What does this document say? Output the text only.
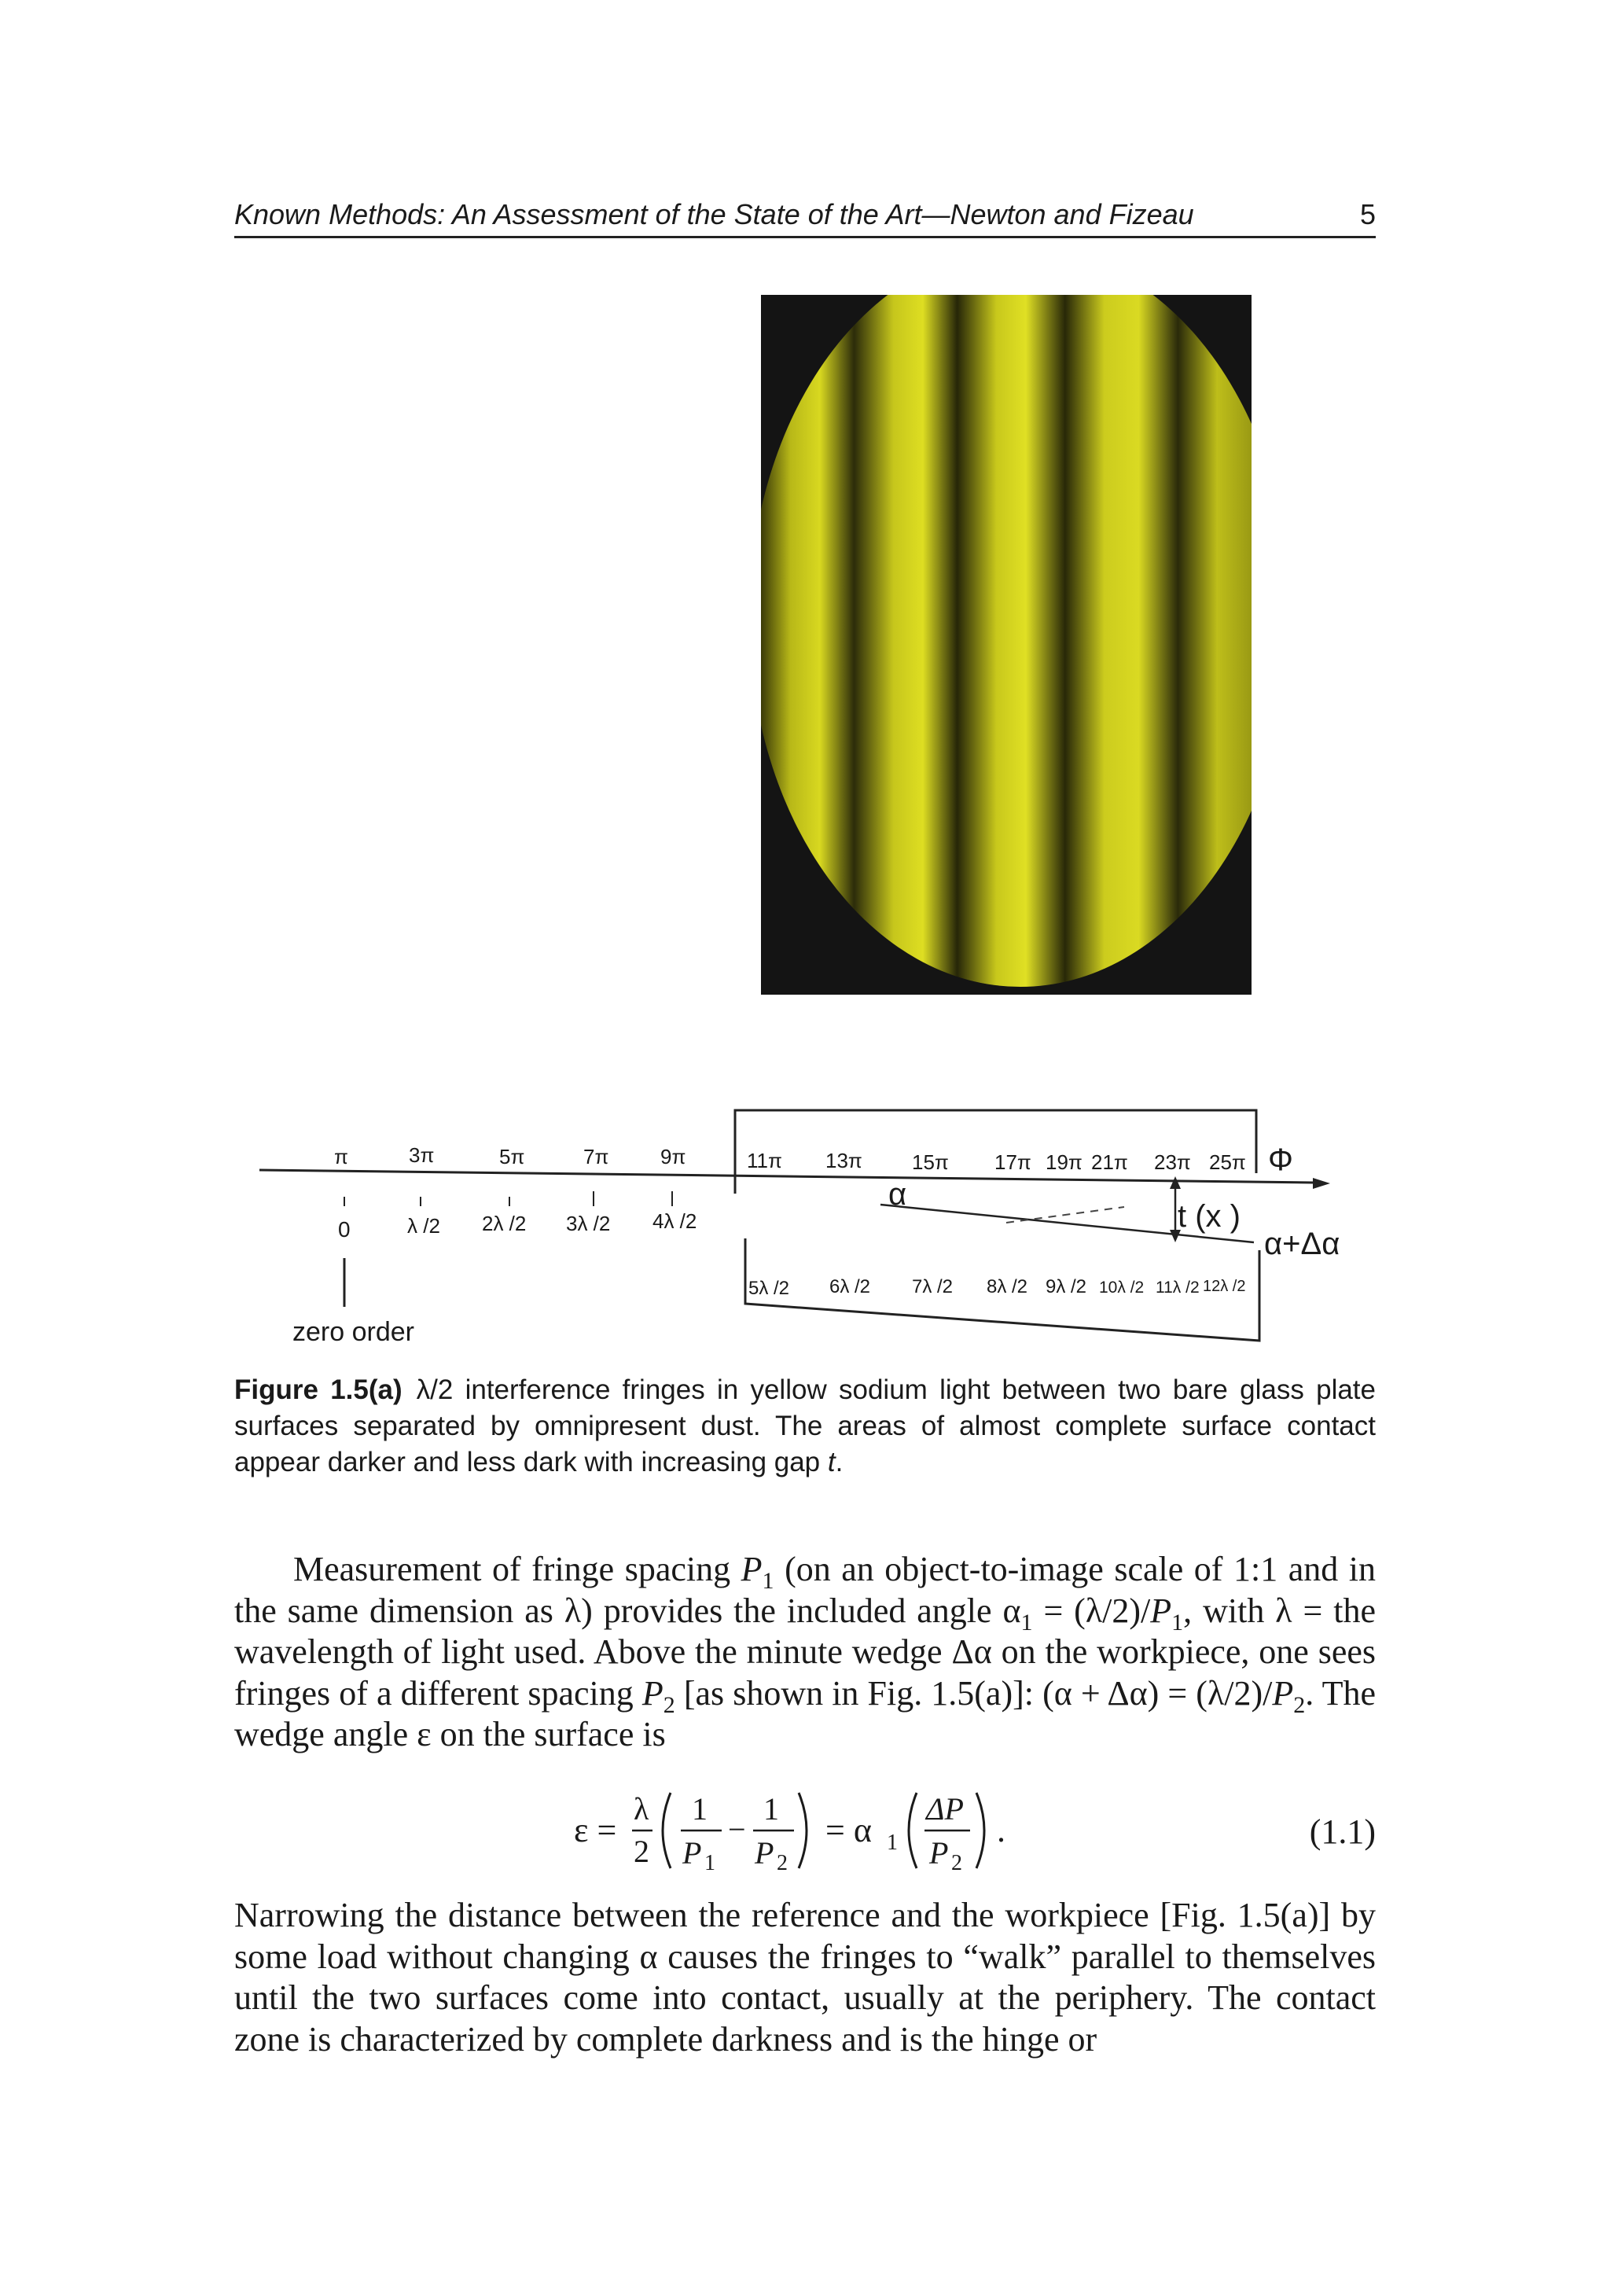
Known Methods: An Assessment of the State of the Art—Newton and Fizeau	5
π	3π	5π	7π	9π	11π 13π 15π 17π 19π 21π 23π 25π Φ
0	λ /2 2λ /2 3λ /2 4λ /2
α
t (x )
α+Δα
5λ /2 6λ /2 7λ /2 8λ /2 9λ /2 10λ /2 11λ /2 12λ /2
zero order
Figure 1.5(a) λ/2 interference fringes in yellow sodium light between two bare glass plate surfaces separated by omnipresent dust. The areas of almost complete surface contact appear darker and less dark with increasing gap t.

Measurement of fringe spacing $P_1$ (on an object-to-image scale of 1:1 and in the same dimension as λ) provides the included angle $\alpha_1 = (\lambda/2)/P_1$, with λ = the wavelength of light used. Above the minute wedge Δα on the workpiece, one sees fringes of a different spacing $P_2$ [as shown in Fig. 1.5(a)]: $(\alpha + \Delta\alpha) = (\lambda/2)/P_2$. The wedge angle ε on the surface is

ε =
λ
2
1
P 1
−
1
P 2
= α 1
ΔP
P 2
.	(1.1)

Narrowing the distance between the reference and the workpiece [Fig. 1.5(a)] by some load without changing α causes the fringes to “walk” parallel to themselves until the two surfaces come into contact, usually at the periphery. The contact zone is characterized by complete darkness and is the hinge or
